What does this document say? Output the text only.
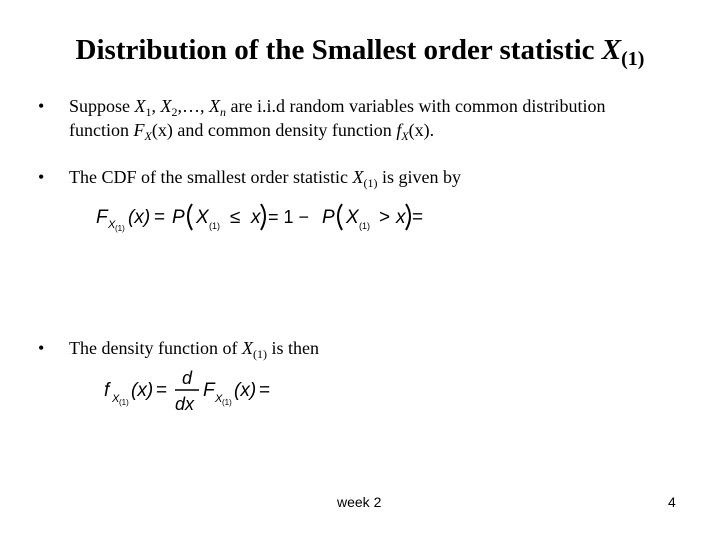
Distribution of the Smallest order statistic $X_{(1)}$
• Suppose $X_1$, $X_2,\dots$, $X_n$ are i.i.d random variables with common distribution
function $F_X(x)$ and common density function $f_X(x)$.
• The CDF of the smallest order statistic $X_{(1)}$ is given by
F X (1)
(x) = P X (1) ≤ x = 1 − P X (1) > x =
• The density function of $X_{(1)}$ is then
f X (1)
(x) =
d
dx
F X (1)
(x) =
week 2	4
